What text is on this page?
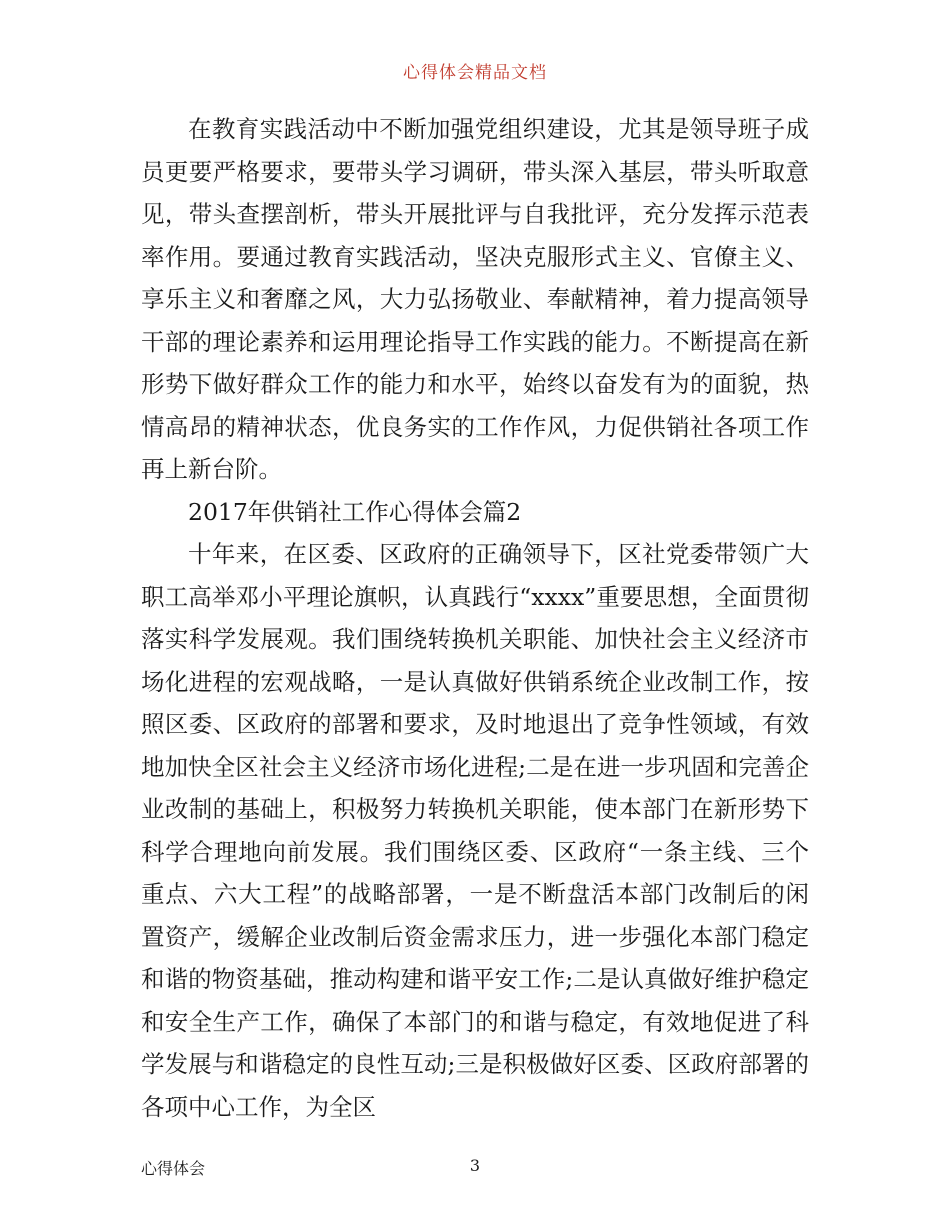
心得体会精品文档

在教育实践活动中不断加强党组织建设，尤其是领导班子成员更要严格要求，要带头学习调研，带头深入基层，带头听取意见，带头查摆剖析，带头开展批评与自我批评，充分发挥示范表率作用。要通过教育实践活动，坚决克服形式主义、官僚主义、享乐主义和奢靡之风，大力弘扬敬业、奉献精神，着力提高领导干部的理论素养和运用理论指导工作实践的能力。不断提高在新形势下做好群众工作的能力和水平，始终以奋发有为的面貌，热情高昂的精神状态，优良务实的工作作风，力促供销社各项工作再上新台阶。

2017年供销社工作心得体会篇2

十年来，在区委、区政府的正确领导下，区社党委带领广大职工高举邓小平理论旗帜，认真践行“xxxx”重要思想，全面贯彻落实科学发展观。我们围绕转换机关职能、加快社会主义经济市场化进程的宏观战略，一是认真做好供销系统企业改制工作，按照区委、区政府的部署和要求，及时地退出了竞争性领域，有效地加快全区社会主义经济市场化进程;二是在进一步巩固和完善企业改制的基础上，积极努力转换机关职能，使本部门在新形势下科学合理地向前发展。我们围绕区委、区政府“一条主线、三个重点、六大工程”的战略部署，一是不断盘活本部门改制后的闲置资产，缓解企业改制后资金需求压力，进一步强化本部门稳定和谐的物资基础，推动构建和谐平安工作;二是认真做好维护稳定和安全生产工作，确保了本部门的和谐与稳定，有效地促进了科学发展与和谐稳定的良性互动;三是积极做好区委、区政府部署的各项中心工作，为全区

心得体会	3
